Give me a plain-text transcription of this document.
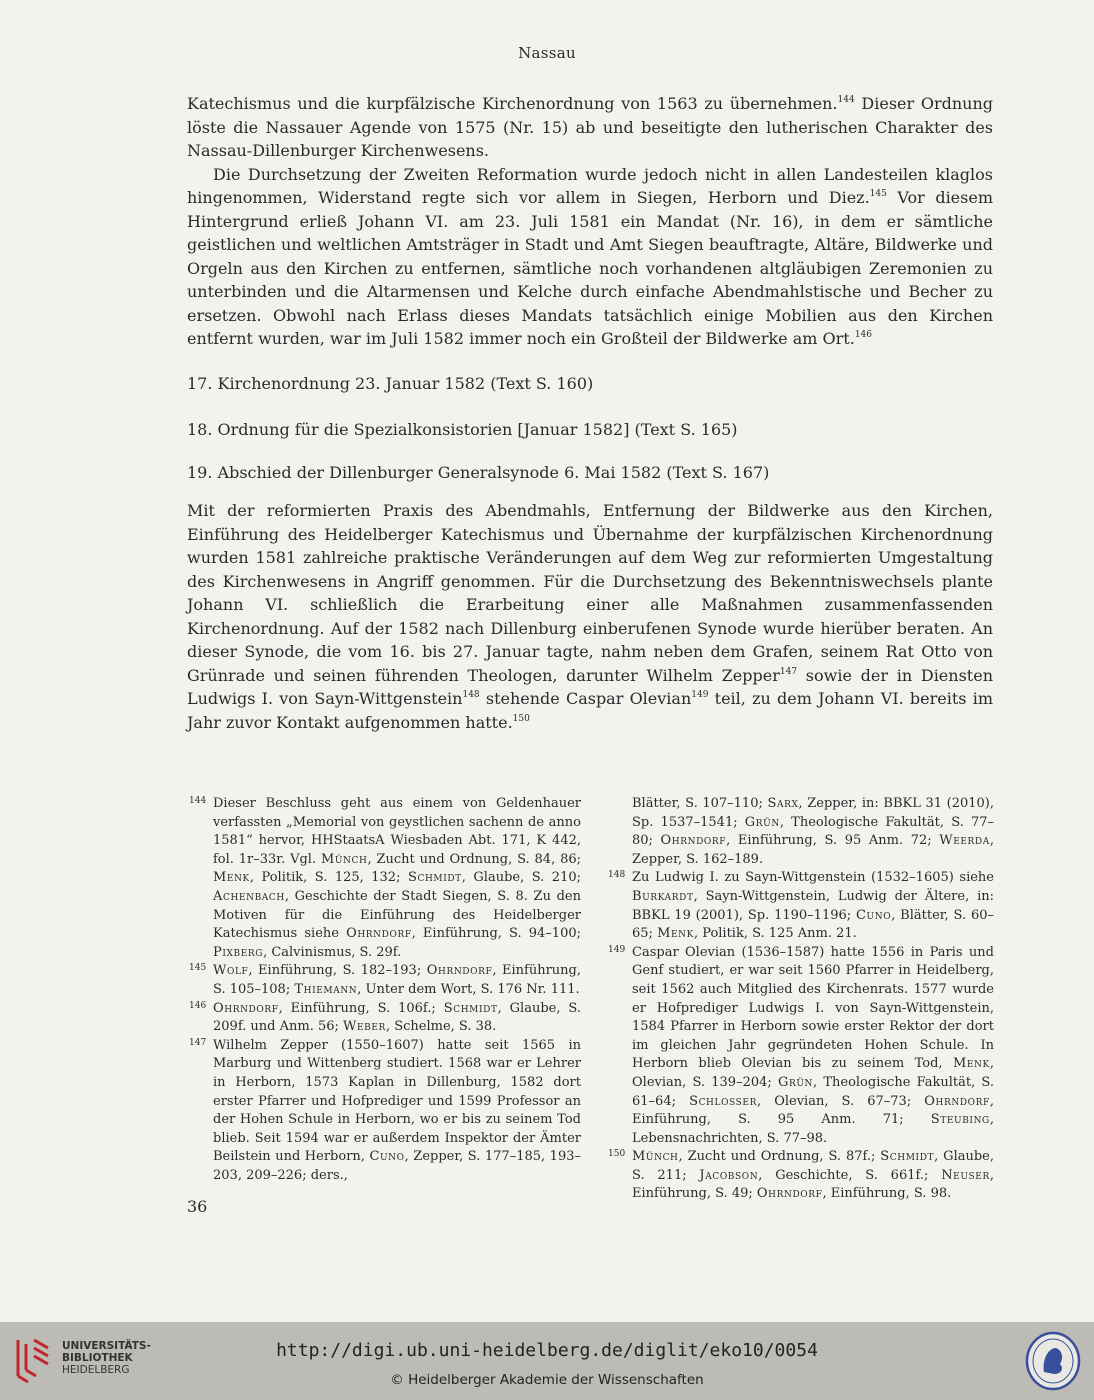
Nassau

Katechismus und die kurpfälzische Kirchenordnung von 1563 zu übernehmen.$^{144}$ Dieser Ordnung löste die Nassauer Agende von 1575 (Nr. 15) ab und beseitigte den lutherischen Charakter des Nassau-Dillenburger Kirchenwesens.

Die Durchsetzung der Zweiten Reformation wurde jedoch nicht in allen Landesteilen klaglos hingenommen, Widerstand regte sich vor allem in Siegen, Herborn und Diez.$^{145}$ Vor diesem Hintergrund erließ Johann VI. am 23. Juli 1581 ein Mandat (Nr. 16), in dem er sämtliche geistlichen und weltlichen Amtsträger in Stadt und Amt Siegen beauftragte, Altäre, Bildwerke und Orgeln aus den Kirchen zu entfernen, sämtliche noch vorhandenen altgläubigen Zeremonien zu unterbinden und die Altarmensen und Kelche durch einfache Abendmahlstische und Becher zu ersetzen. Obwohl nach Erlass dieses Mandats tatsächlich einige Mobilien aus den Kirchen entfernt wurden, war im Juli 1582 immer noch ein Großteil der Bildwerke am Ort.$^{146}$

17. Kirchenordnung 23. Januar 1582 (Text S. 160)
18. Ordnung für die Spezialkonsistorien [Januar 1582] (Text S. 165)
19. Abschied der Dillenburger Generalsynode 6. Mai 1582 (Text S. 167)

Mit der reformierten Praxis des Abendmahls, Entfernung der Bildwerke aus den Kirchen, Einführung des Heidelberger Katechismus und Übernahme der kurpfälzischen Kirchenordnung wurden 1581 zahlreiche praktische Veränderungen auf dem Weg zur reformierten Umgestaltung des Kirchenwesens in Angriff genommen. Für die Durchsetzung des Bekenntniswechsels plante Johann VI. schließlich die Erarbeitung einer alle Maßnahmen zusammenfassenden Kirchenordnung. Auf der 1582 nach Dillenburg einberufenen Synode wurde hierüber beraten. An dieser Synode, die vom 16. bis 27. Januar tagte, nahm neben dem Grafen, seinem Rat Otto von Grünrade und seinen führenden Theologen, darunter Wilhelm Zepper$^{147}$ sowie der in Diensten Ludwigs I. von Sayn-Wittgenstein$^{148}$ stehende Caspar Olevian$^{149}$ teil, zu dem Johann VI. bereits im Jahr zuvor Kontakt aufgenommen hatte.$^{150}$

144 Dieser Beschluss geht aus einem von Geldenhauer verfassten „Memorial von geystlichen sachenn de anno 1581“ hervor, HHStaatsA Wiesbaden Abt. 171, K 442, fol. 1r–33r. Vgl. Münch, Zucht und Ordnung, S. 84, 86; Menk, Politik, S. 125, 132; Schmidt, Glaube, S. 210; Achenbach, Geschichte der Stadt Siegen, S. 8. Zu den Motiven für die Einführung des Heidelberger Katechismus siehe Ohrndorf, Einführung, S. 94–100; Pixberg, Calvinismus, S. 29f.
145 Wolf, Einführung, S. 182–193; Ohrndorf, Einführung, S. 105–108; Thiemann, Unter dem Wort, S. 176 Nr. 111.
146 Ohrndorf, Einführung, S. 106f.; Schmidt, Glaube, S. 209f. und Anm. 56; Weber, Schelme, S. 38.
147 Wilhelm Zepper (1550–1607) hatte seit 1565 in Marburg und Wittenberg studiert. 1568 war er Lehrer in Herborn, 1573 Kaplan in Dillenburg, 1582 dort erster Pfarrer und Hofprediger und 1599 Professor an der Hohen Schule in Herborn, wo er bis zu seinem Tod blieb. Seit 1594 war er außerdem Inspektor der Ämter Beilstein und Herborn, Cuno, Zepper, S. 177–185, 193–203, 209–226; ders.,
Blätter, S. 107–110; Sarx, Zepper, in: BBKL 31 (2010), Sp. 1537–1541; Grün, Theologische Fakultät, S. 77–80; Ohrndorf, Einführung, S. 95 Anm. 72; Weerda, Zepper, S. 162–189.
148 Zu Ludwig I. zu Sayn-Wittgenstein (1532–1605) siehe Burkardt, Sayn-Wittgenstein, Ludwig der Ältere, in: BBKL 19 (2001), Sp. 1190–1196; Cuno, Blätter, S. 60–65; Menk, Politik, S. 125 Anm. 21.
149 Caspar Olevian (1536–1587) hatte 1556 in Paris und Genf studiert, er war seit 1560 Pfarrer in Heidelberg, seit 1562 auch Mitglied des Kirchenrats. 1577 wurde er Hofprediger Ludwigs I. von Sayn-Wittgenstein, 1584 Pfarrer in Herborn sowie erster Rektor der dort im gleichen Jahr gegründeten Hohen Schule. In Herborn blieb Olevian bis zu seinem Tod, Menk, Olevian, S. 139–204; Grün, Theologische Fakultät, S. 61–64; Schlosser, Olevian, S. 67–73; Ohrndorf, Einführung, S. 95 Anm. 71; Steubing, Lebensnachrichten, S. 77–98.
150 Münch, Zucht und Ordnung, S. 87f.; Schmidt, Glaube, S. 211; Jacobson, Geschichte, S. 661f.; Neuser, Einführung, S. 49; Ohrndorf, Einführung, S. 98.
36
UNIVERSITÄTS-
BIBLIOTHEK
HEIDELBERG
http://digi.ub.uni-heidelberg.de/diglit/eko10/0054
© Heidelberger Akademie der Wissenschaften
